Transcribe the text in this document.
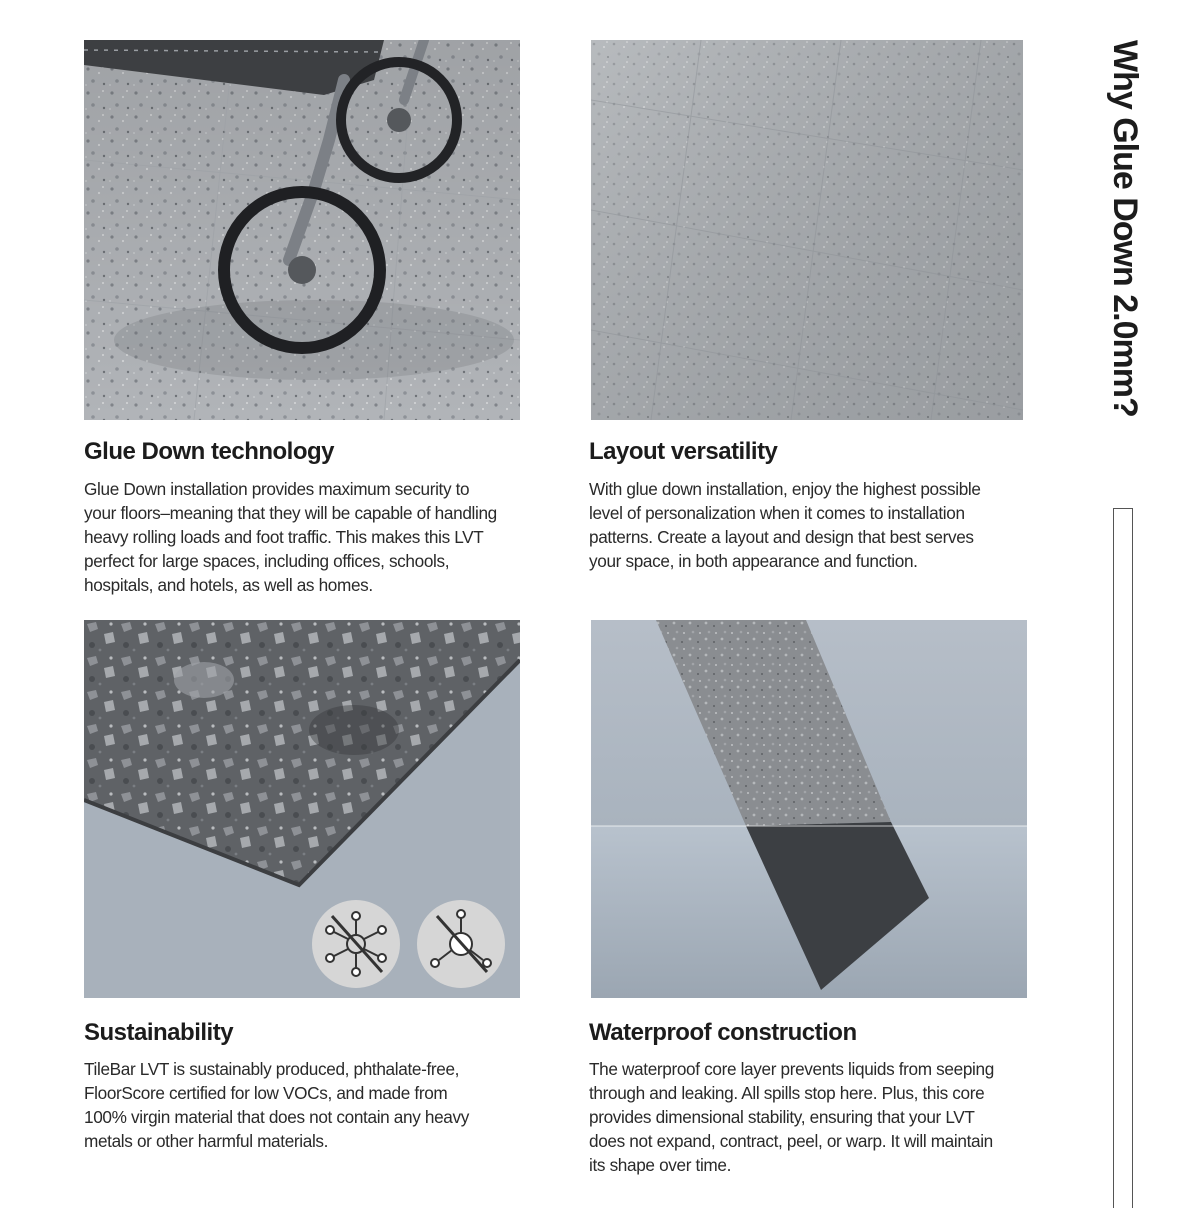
Why Glue Down 2.0mm?
Glue Down technology
Glue Down installation provides maximum security to
your floors–meaning that they will be capable of handling
heavy rolling loads and foot traffic. This makes this LVT
perfect for large spaces, including offices, schools,
hospitals, and hotels, as well as homes.
Layout versatility
With glue down installation, enjoy the highest possible
level of personalization when it comes to installation
patterns. Create a layout and design that best serves
your space, in both appearance and function.
Sustainability
TileBar LVT is sustainably produced, phthalate-free,
FloorScore certified for low VOCs, and made from
100% virgin material that does not contain any heavy
metals or other harmful materials.
Waterproof construction
The waterproof core layer prevents liquids from seeping
through and leaking. All spills stop here. Plus, this core
provides dimensional stability, ensuring that your LVT
does not expand, contract, peel, or warp. It will maintain
its shape over time.
